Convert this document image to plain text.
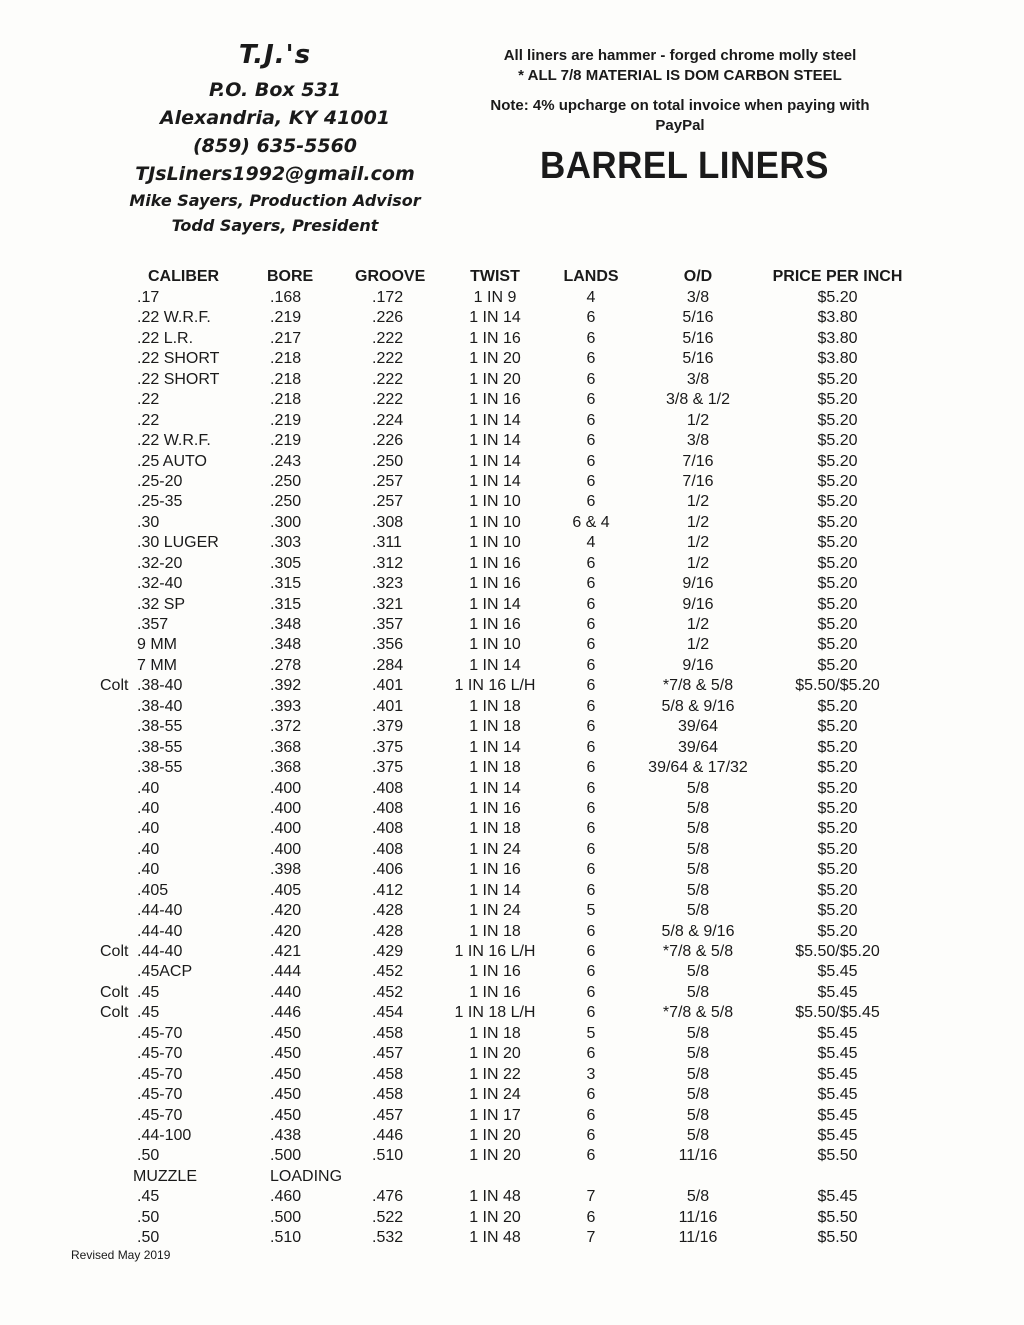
T.J.'s
P.O. Box 531
Alexandria, KY 41001
(859) 635-5560
TJsLiners1992@gmail.com
Mike Sayers, Production Advisor
Todd Sayers, President
All liners are hammer - forged chrome molly steel
* ALL 7/8 MATERIAL IS DOM CARBON STEEL
Note: 4% upcharge on total invoice when paying with
PayPal
BARREL LINERS
CALIBER	BORE	GROOVE	TWIST	LANDS	O/D	PRICE PER INCH
.17	.168	.172	1 IN 9	4	3/8	$5.20
.22 W.R.F.	.219	.226	1 IN 14	6	5/16	$3.80
.22 L.R.	.217	.222	1 IN 16	6	5/16	$3.80
.22 SHORT	.218	.222	1 IN 20	6	5/16	$3.80
.22 SHORT	.218	.222	1 IN 20	6	3/8	$5.20
.22	.218	.222	1 IN 16	6	3/8 & 1/2	$5.20
.22	.219	.224	1 IN 14	6	1/2	$5.20
.22 W.R.F.	.219	.226	1 IN 14	6	3/8	$5.20
.25 AUTO	.243	.250	1 IN 14	6	7/16	$5.20
.25-20	.250	.257	1 IN 14	6	7/16	$5.20
.25-35	.250	.257	1 IN 10	6	1/2	$5.20
.30	.300	.308	1 IN 10	6 & 4	1/2	$5.20
.30 LUGER	.303	.311	1 IN 10	4	1/2	$5.20
.32-20	.305	.312	1 IN 16	6	1/2	$5.20
.32-40	.315	.323	1 IN 16	6	9/16	$5.20
.32 SP	.315	.321	1 IN 14	6	9/16	$5.20
.357	.348	.357	1 IN 16	6	1/2	$5.20
9 MM	.348	.356	1 IN 10	6	1/2	$5.20
7 MM	.278	.284	1 IN 14	6	9/16	$5.20
Colt .38-40	.392	.401	1 IN 16 L/H	6	*7/8 & 5/8	$5.50/$5.20
.38-40	.393	.401	1 IN 18	6	5/8 & 9/16	$5.20
.38-55	.372	.379	1 IN 18	6	39/64	$5.20
.38-55	.368	.375	1 IN 14	6	39/64	$5.20
.38-55	.368	.375	1 IN 18	6	39/64 & 17/32	$5.20
.40	.400	.408	1 IN 14	6	5/8	$5.20
.40	.400	.408	1 IN 16	6	5/8	$5.20
.40	.400	.408	1 IN 18	6	5/8	$5.20
.40	.400	.408	1 IN 24	6	5/8	$5.20
.40	.398	.406	1 IN 16	6	5/8	$5.20
.405	.405	.412	1 IN 14	6	5/8	$5.20
.44-40	.420	.428	1 IN 24	5	5/8	$5.20
.44-40	.420	.428	1 IN 18	6	5/8 & 9/16	$5.20
Colt .44-40	.421	.429	1 IN 16 L/H	6	*7/8 & 5/8	$5.50/$5.20
.45ACP	.444	.452	1 IN 16	6	5/8	$5.45
Colt .45	.440	.452	1 IN 16	6	5/8	$5.45
Colt .45	.446	.454	1 IN 18 L/H	6	*7/8 & 5/8	$5.50/$5.45
.45-70	.450	.458	1 IN 18	5	5/8	$5.45
.45-70	.450	.457	1 IN 20	6	5/8	$5.45
.45-70	.450	.458	1 IN 22	3	5/8	$5.45
.45-70	.450	.458	1 IN 24	6	5/8	$5.45
.45-70	.450	.457	1 IN 17	6	5/8	$5.45
.44-100	.438	.446	1 IN 20	6	5/8	$5.45
.50	.500	.510	1 IN 20	6	11/16	$5.50
MUZZLE	LOADING
.45	.460	.476	1 IN 48	7	5/8	$5.45
.50	.500	.522	1 IN 20	6	11/16	$5.50
.50	.510	.532	1 IN 48	7	11/16	$5.50
Revised May 2019
